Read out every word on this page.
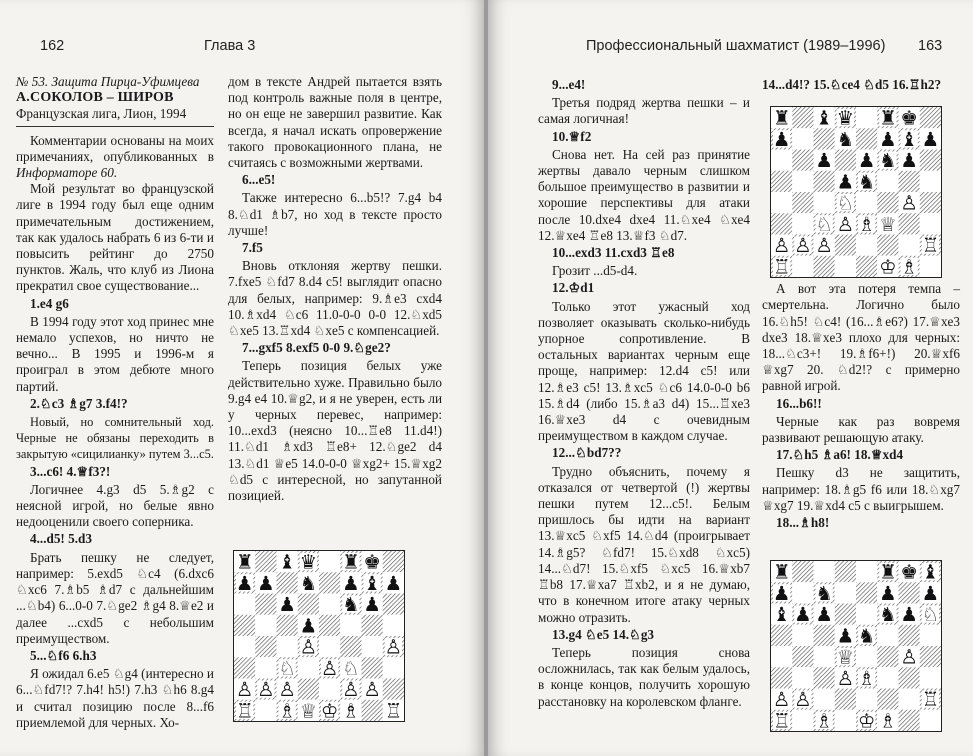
162	Глава 3

№ 53. Защита Пирца-Уфимцева

А.СОКОЛОВ – ШИРОВ

Французская лига, Лион, 1994

Комментарии основаны на моих примечаниях, опубликованных в Информаторе 60.

Мой результат во французской лиге в 1994 году был еще одним примечательным достижением, так как удалось набрать 6 из 6-ти и повысить рейтинг до 2750 пунктов. Жаль, что клуб из Лиона прекратил свое существование...

1.e4 g6

В 1994 году этот ход принес мне немало успехов, но ничто не вечно... В 1995 и 1996-м я проиграл в этом дебюте много партий.

2.♘c3 ♗g7 3.f4!?

Новый, но сомнительный ход. Черные не обязаны переходить в закрытую «сицилианку» путем 3...c5.

3...c6! 4.♕f3?!

Логичнее 4.g3 d5 5.♗g2 с неясной игрой, но белые явно недооценили своего соперника.

4...d5! 5.d3

Брать пешку не следует, например: 5.exd5 ♘c4 (6.dxc6 ♘xc6 7.♗b5 ♗d7 с дальнейшим ...♘b4) 6...0-0 7.♘ge2 ♗g4 8.♕e2 и далее ...cxd5 с небольшим преимуществом.

5...♘f6 6.h3

Я ожидал 6.e5 ♘g4 (интересно и 6...♘fd7!? 7.h4! h5!) 7.h3 ♘h6 8.g4 и считал позицию после 8...f6 приемлемой для черных. Хо-

дом в тексте Андрей пытается взять под контроль важные поля в центре, но он еще не завершил развитие. Как всегда, я начал искать опровержение такого провокационного плана, не считаясь с возможными жертвами.

6...e5!

Также интересно 6...b5!? 7.g4 b4 8.♘d1 ♗b7, но ход в тексте просто лучше!

7.f5

Вновь отклоняя жертву пешки. 7.fxe5 ♘fd7 8.d4 c5! выглядит опасно для белых, например: 9.♗e3 cxd4 10.♗xd4 ♘c6 11.0-0-0 0-0 12.♘xd5 ♘xe5 13.♖xd4 ♘xe5 с компенсацией.

7...gxf5 8.exf5 0-0 9.♘ge2?

Теперь позиция белых уже действительно хуже. Правильно было 9.g4 e4 10.♕g2, и я не уверен, есть ли у черных перевес, например: 10...exd3 (неясно 10...♖e8 11.d4!) 11.♘d1 ♗xd3 ♖e8+ 12.♘ge2 d4 13.♘d1 ♕e5 14.0-0-0 ♕xg2+ 15.♕xg2 ♘d5 с интересной, но запутанной позицией.

♜ ♝ ♛ ♜ ♚
♟ ♟ ♞ ♟ ♝ ♟
♟ ♞ ♟
♟
♙	♙
♘ ♙ ♘
♙ ♙ ♙ ♙ ♙
♖ ♗ ♕ ♔ ♗ ♖
Профессиональный шахматист (1989–1996) 163

9...e4!

Третья подряд жертва пешки – и самая логичная!

10.♕f2

Снова нет. На сей раз принятие жертвы давало черным слишком большое преимущество в развитии и хорошие перспективы для атаки после 10.dxe4 dxe4 11.♘xe4 ♘xe4 12.♕xe4 ♖e8 13.♕f3 ♘d7.

10...exd3 11.cxd3 ♖e8

Грозит ...d5-d4.

12.♔d1

Только этот ужасный ход позволяет оказывать сколько-нибудь упорное сопротивление. В остальных вариантах черным еще проще, например: 12.d4 c5! или 12.♗e3 c5! 13.♗xc5 ♘c6 14.0-0-0 b6 15.♗d4 (либо 15.♗a3 d4) 15...♖xe3 16.♕xe3 d4 с очевидным преимуществом в каждом случае.

12...♘bd7??

Трудно объяснить, почему я отказался от четвертой (!) жертвы пешки путем 12...c5!. Белым пришлось бы идти на вариант 13.♕xc5 ♘xf5 14.♘d4 (проигрывает 14.♗g5? ♘fd7! 15.♘xd8 ♘xc5) 14...♘d7! 15.♘xf5 ♘xc5 16.♕xb7 ♖b8 17.♕xa7 ♖xb2, и я не думаю, что в конечном итоге атаку черных можно отразить.

13.g4 ♘e5 14.♘g3

Теперь позиция снова осложнилась, так как белым удалось, в конце концов, получить хорошую расстановку на королевском фланге.

14...d4!? 15.♘ce4 ♘d5 16.♖h2?

А вот эта потеря темпа – смертельна. Логично было 16.♘h5! ♘c4! (16...♗e6?) 17.♕xe3 dxe3 18.♕xe3 плохо для черных: 18...♘c3+! 19.♗f6+!) 20.♕xf6 ♕xg7 20. ♘d2!? с примерно равной игрой.

16...b6!!

Черные как раз вовремя развивают решающую атаку.

17.♘h5 ♗a6! 18.♕xd4

Пешку d3 не защитить, например: 18.♗g5 f6 или 18.♘xg7 ♕xg7 19.♕xd4 c5 с выигрышем.

18...♗h8!

♜ ♝ ♛ ♜ ♚
♟ ♞ ♟ ♝ ♟
♟ ♟ ♞ ♟
♟ ♞
♘ ♙
♘ ♙ ♗ ♕
♙ ♙ ♙	♖
♖	♔ ♗
♜	♜ ♚ ♝
♟ ♞ ♟ ♟
♝ ♟ ♟ ♞ ♟ ♘
♟ ♞
♕ ♙
♙ ♗
♙ ♙	♖
♖ ♗ ♔ ♗
